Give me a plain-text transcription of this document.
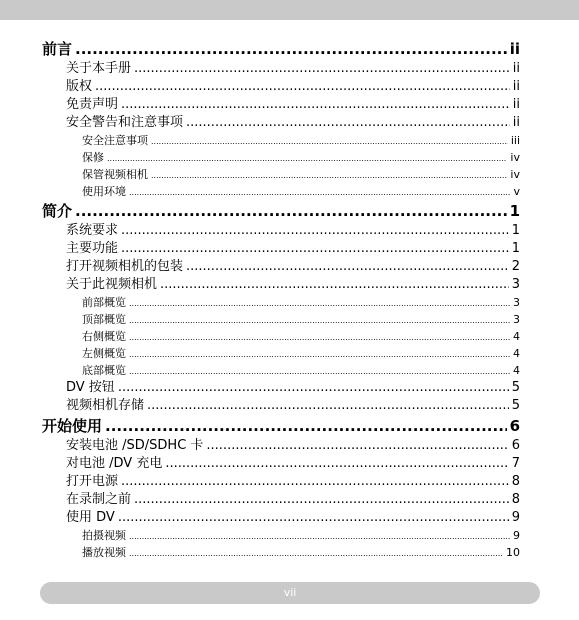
前言 .....	ii
关于本手册 .....	ii
版权 .....	ii
免责声明 .....	ii
安全警告和注意事项 .....	ii
安全注意事项 .....	iii
保修 .....	iv
保管视频相机 .....	iv
使用环境 .....	v
简介 .....	1
系统要求 .....	1
主要功能 .....	1
打开视频相机的包装 .....	2
关于此视频相机 .....	3
前部概览 .....	3
顶部概览 .....	3
右侧概览 .....	4
左侧概览 .....	4
底部概览 .....	4
DV 按钮 .....	5
视频相机存储 .....	5
开始使用 .....	6
安装电池 /SD/SDHC 卡 .....	6
对电池 /DV 充电 .....	7
打开电源 .....	8
在录制之前 .....	8
使用 DV .....	9
拍摄视频 .....	9
播放视频 .....	10
vii
